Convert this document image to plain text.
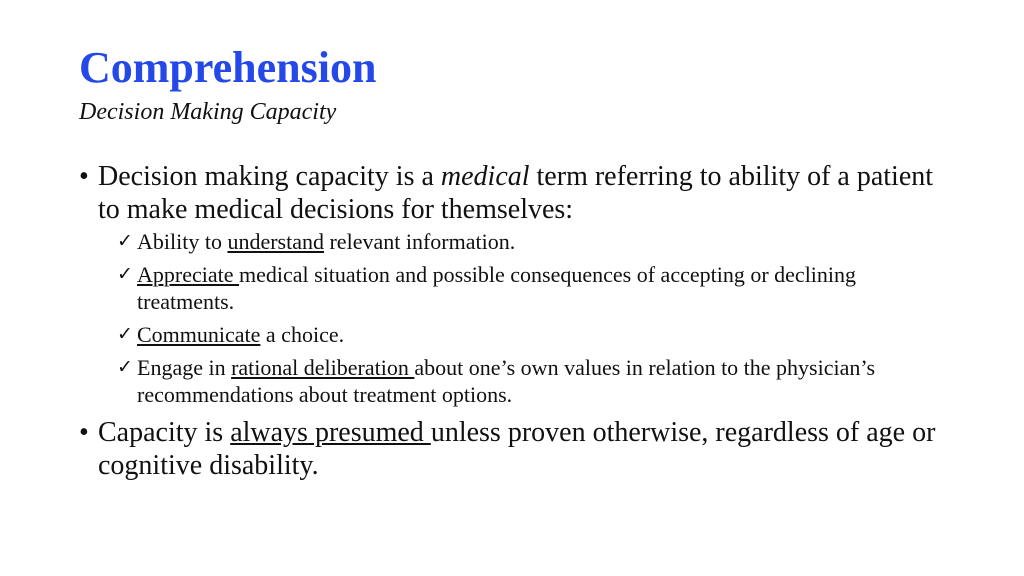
Comprehension
Decision Making Capacity
• Decision making capacity is a medical term referring to ability of a patient to make medical decisions for themselves:
✓ Ability to understand relevant information.
✓ Appreciate medical situation and possible consequences of accepting or declining treatments.
✓ Communicate a choice.
✓ Engage in rational deliberation about one’s own values in relation to the physician’s recommendations about treatment options.
• Capacity is always presumed unless proven otherwise, regardless of age or cognitive disability.
